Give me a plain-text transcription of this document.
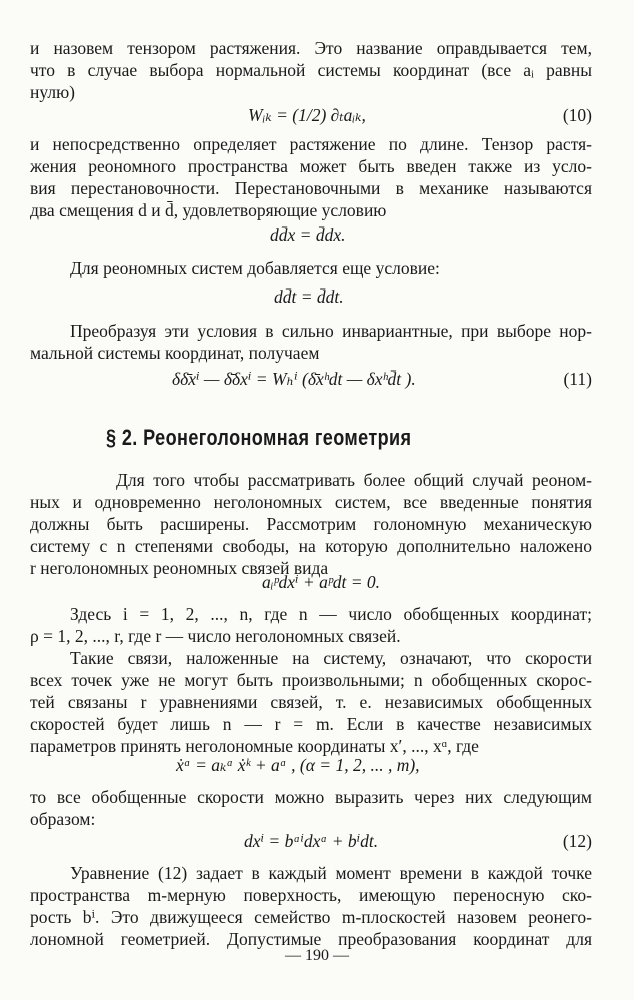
и назовем тензором растяжения. Это название оправдывается тем,
что в случае выбора нормальной системы координат (все aᵢ равны
нулю)
Wᵢₖ = (1/2) ∂ₜaᵢₖ,	(10)
и непосредственно определяет растяжение по длине. Тензор растя-
жения реономного пространства может быть введен также из усло-
вия перестановочности. Перестановочными в механике называются
два смещения d и d̄, удовлетворяющие условию
dd̄x = d̄dx.
Для реономных систем добавляется еще условие:
dd̄t = d̄dt.
Преобразуя эти условия в сильно инвариантные, при выборе нор-
мальной системы координат, получаем
δδ̄xⁱ — δ̄δxⁱ = Wₕⁱ (δ̄xʰdt — δxʰd̄t ).	(11)
§ 2. Реонеголономная геометрия
Для того чтобы рассматривать более общий случай реоном-
ных и одновременно неголономных систем, все введенные понятия
должны быть расширены. Рассмотрим голономную механическую
систему с n степенями свободы, на которую дополнительно наложено
r неголономных реономных связей вида
aᵢᵖdxⁱ + aᵖdt = 0.
Здесь i = 1, 2, ..., n, где n — число обобщенных координат;
ρ = 1, 2, ..., r, где r — число неголономных связей.
Такие связи, наложенные на систему, означают, что скорости
всех точек уже не могут быть произвольными; n обобщенных скорос-
тей связаны r уравнениями связей, т. е. независимых обобщенных
скоростей будет лишь n — r = m. Если в качестве независимых
параметров принять неголономные координаты x′, ..., xᵅ, где
ẋᵅ = aₖᵅ ẋᵏ + aᵅ , (α = 1, 2, ... , m),
то все обобщенные скорости можно выразить через них следующим
образом:
dxⁱ = bᵅⁱdxᵅ + bⁱdt.	(12)
Уравнение (12) задает в каждый момент времени в каждой точке
пространства m-мерную поверхность, имеющую переносную ско-
рость bⁱ. Это движущееся семейство m-плоскостей назовем реонего-
лономной геометрией. Допустимые преобразования координат для
— 190 —
